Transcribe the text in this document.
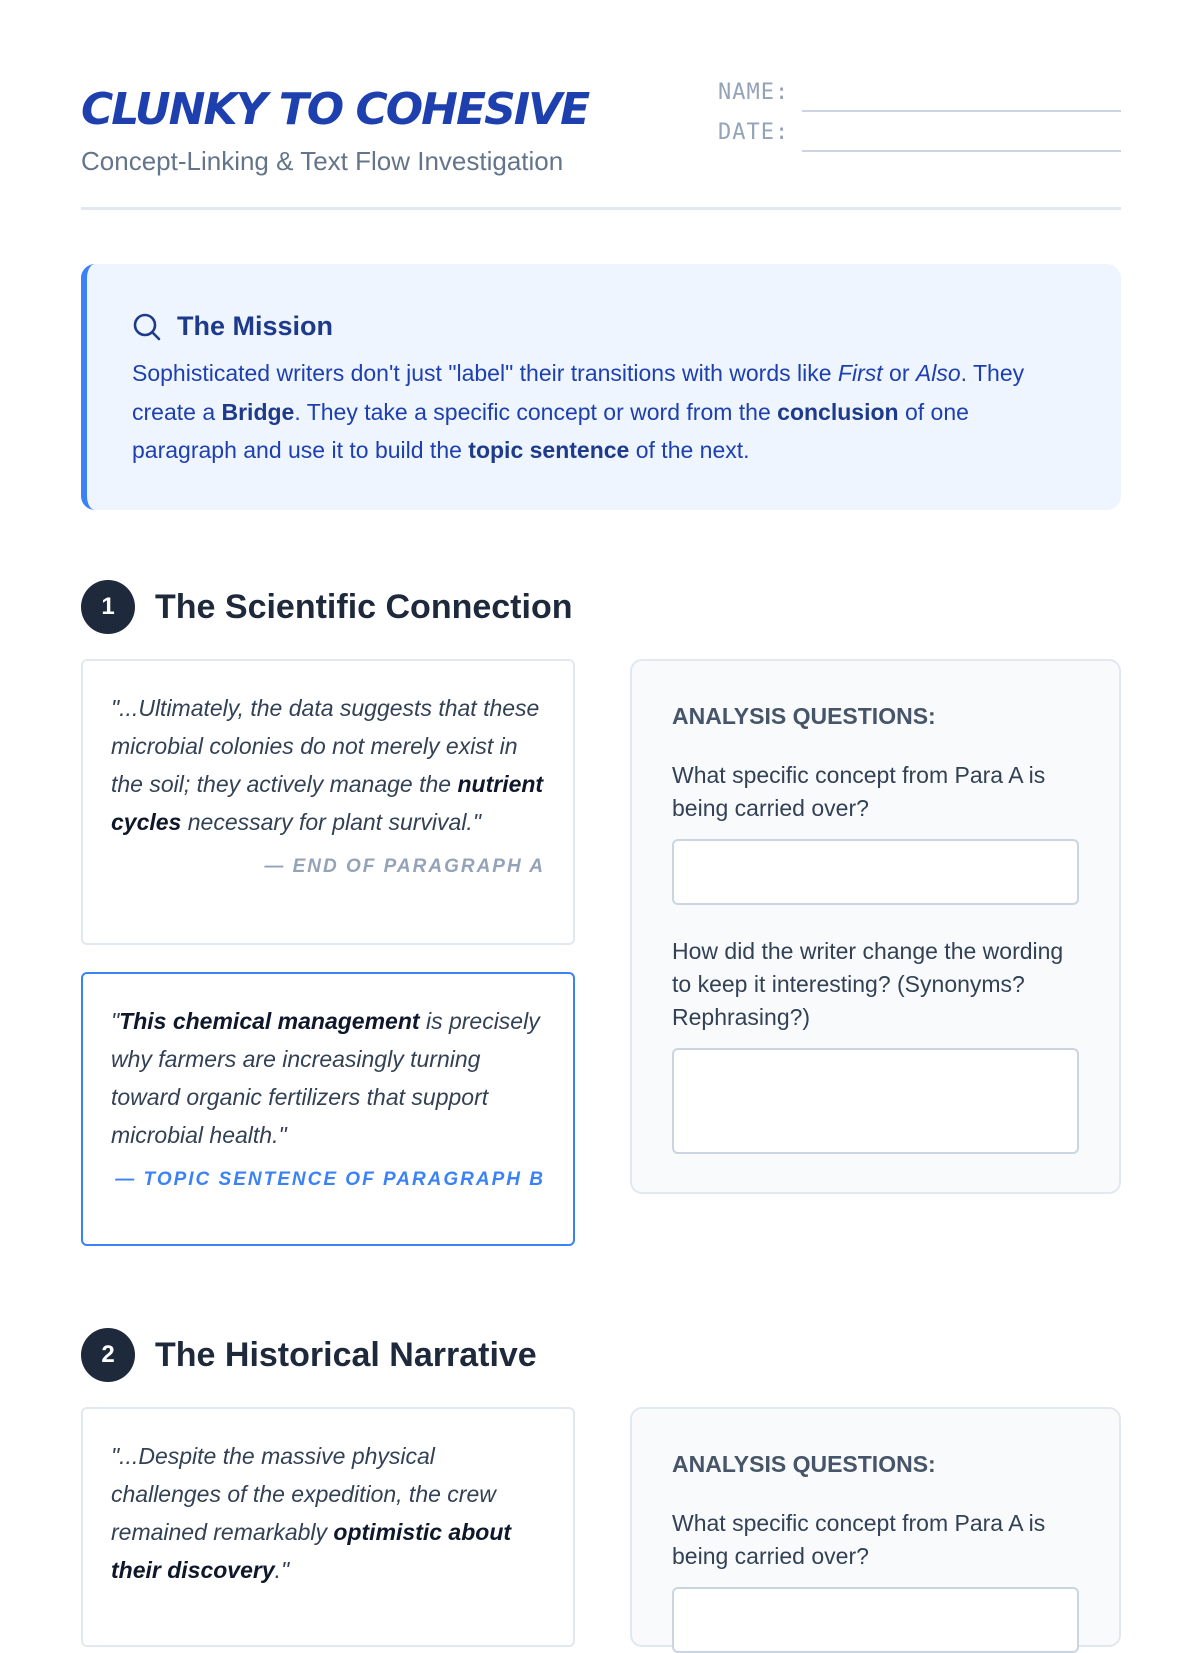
CLUNKY TO COHESIVE
Concept-Linking & Text Flow Investigation
NAME:
DATE:
The Mission

Sophisticated writers don't just "label" their transitions with words like First or Also. They create a Bridge. They take a specific concept or word from the conclusion of one paragraph and use it to build the topic sentence of the next.

1	The Scientific Connection

"...Ultimately, the data suggests that these microbial colonies do not merely exist in the soil; they actively manage the nutrient cycles necessary for plant survival."

— END OF PARAGRAPH A

"This chemical management is precisely why farmers are increasingly turning toward organic fertilizers that support microbial health."

— TOPIC SENTENCE OF PARAGRAPH B
ANALYSIS QUESTIONS:
What specific concept from Para A is being carried over?
How did the writer change the wording to keep it interesting? (Synonyms? Rephrasing?)
2	The Historical Narrative

"...Despite the massive physical challenges of the expedition, the crew remained remarkably optimistic about their discovery."

ANALYSIS QUESTIONS:
What specific concept from Para A is being carried over?
